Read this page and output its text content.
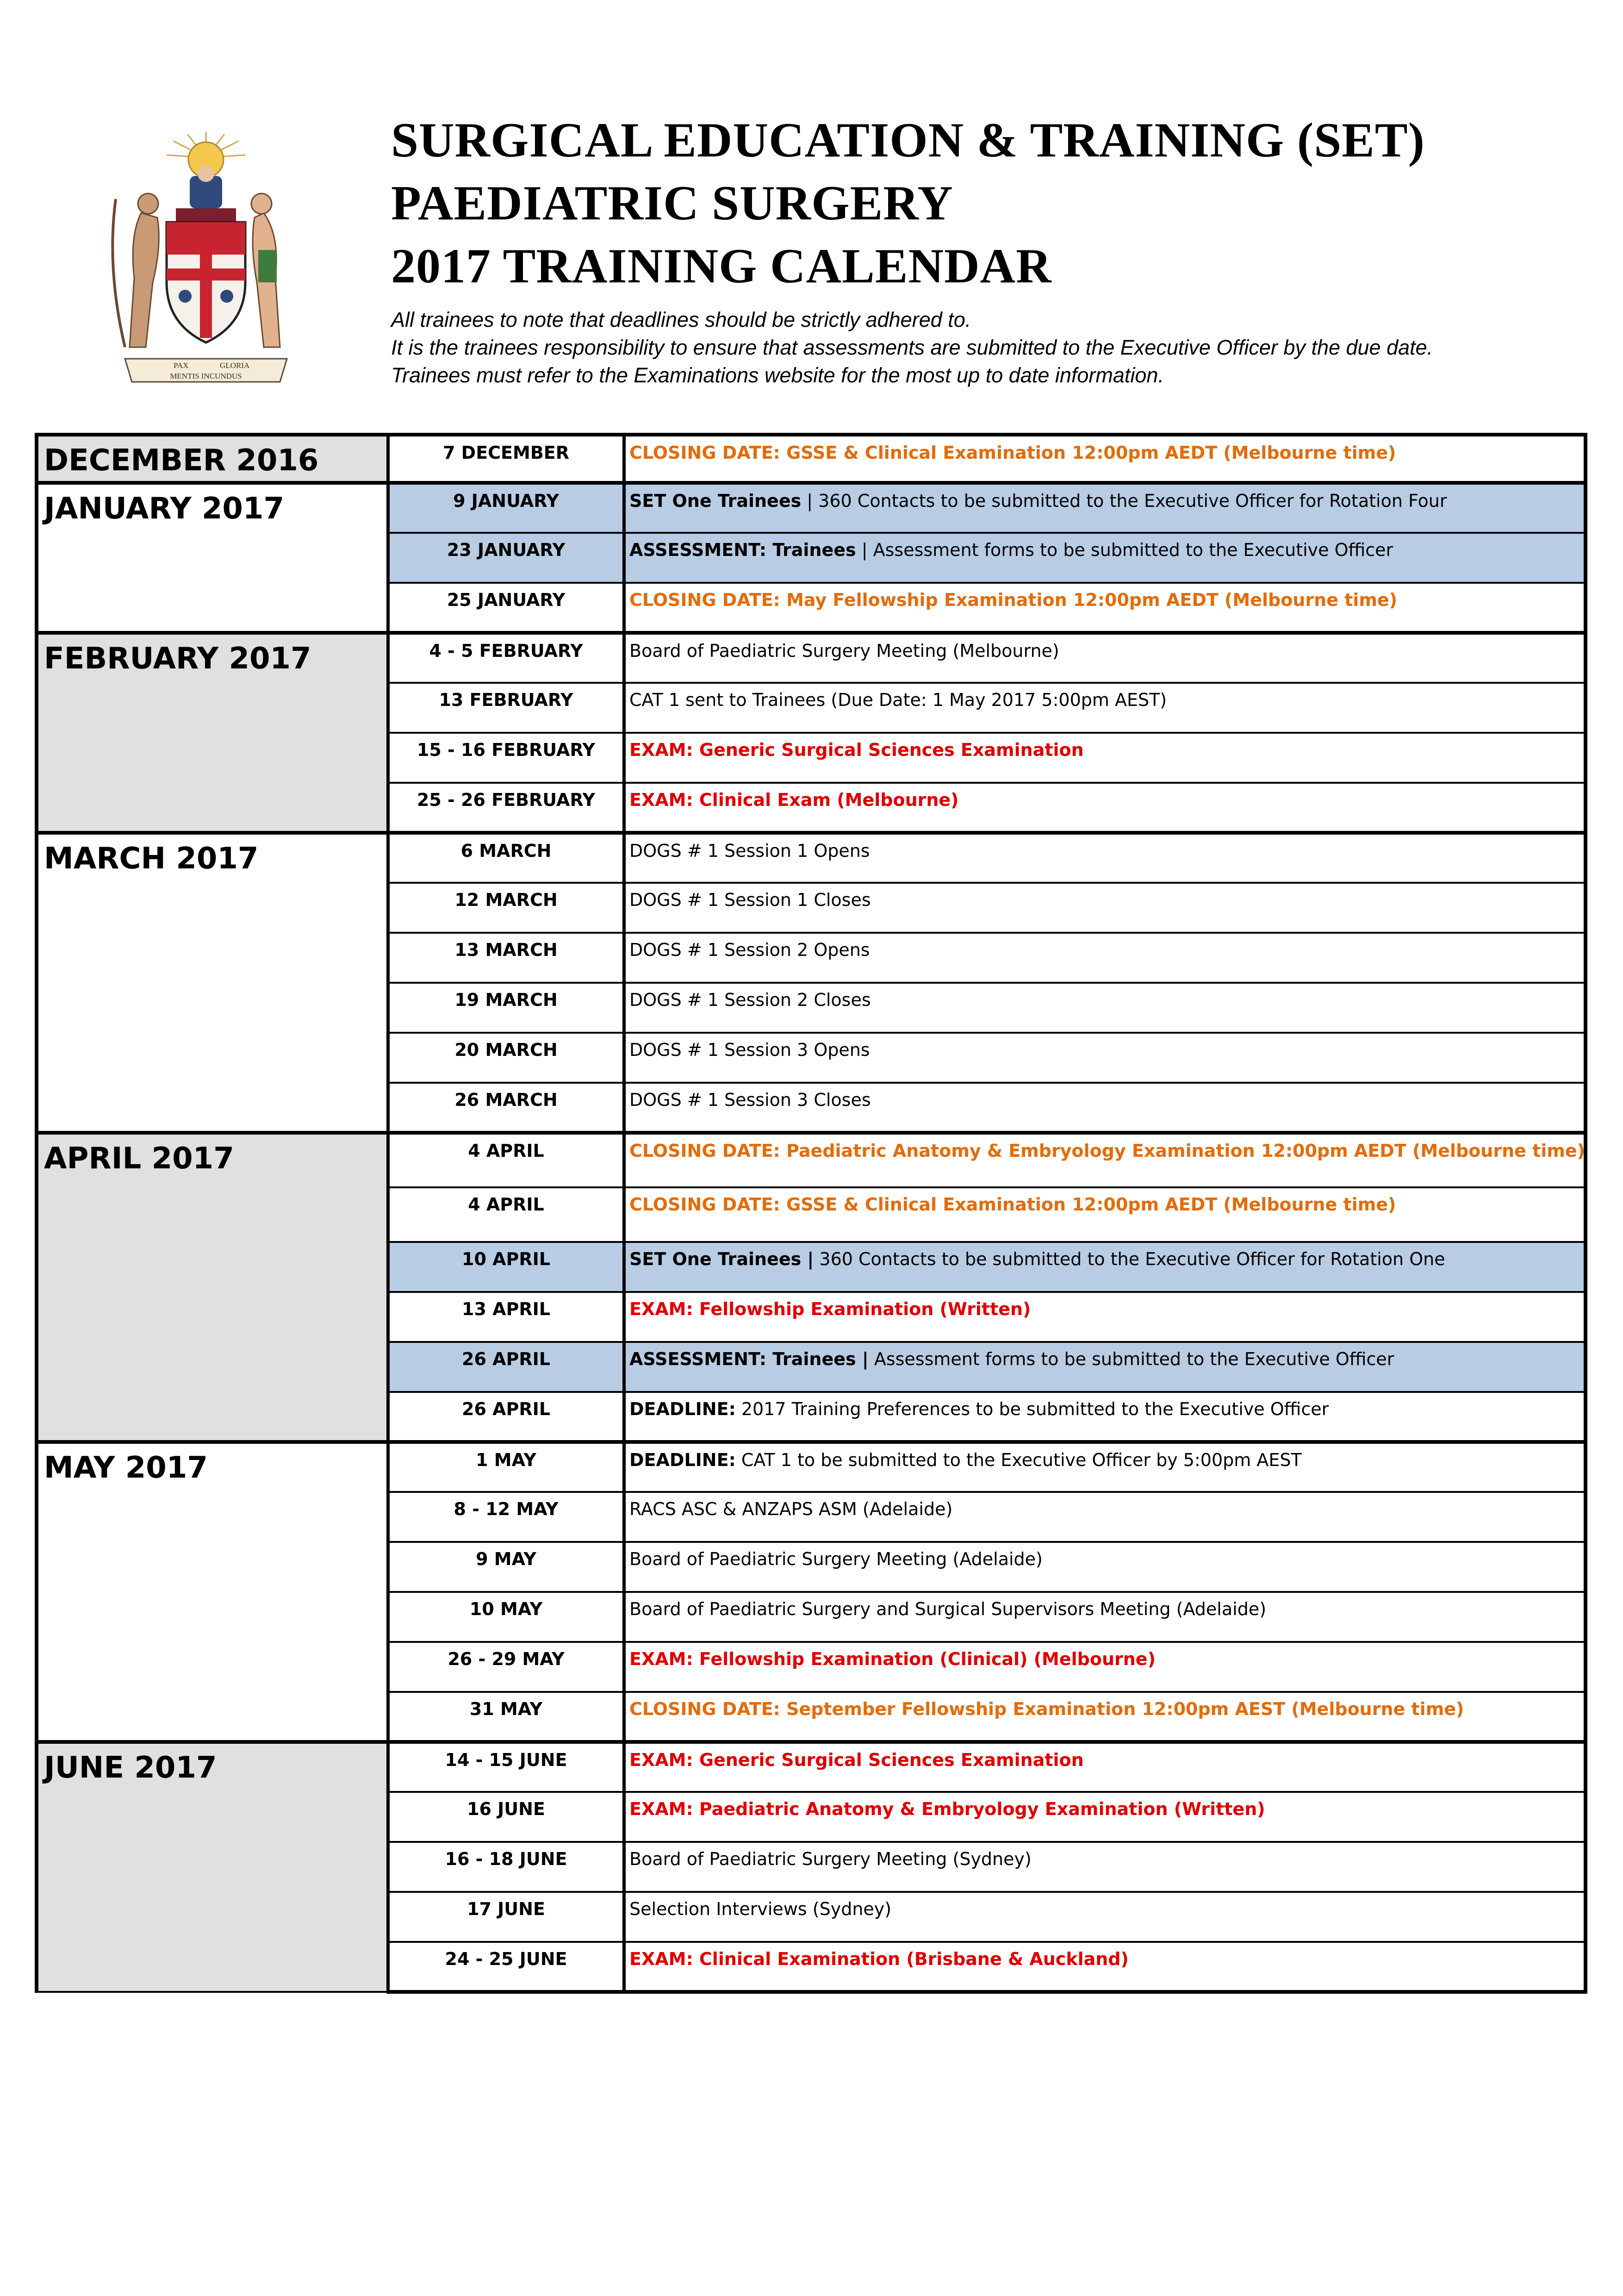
PAX	GLORIA
MENTIS INCUNDUS
SURGICAL EDUCATION & TRAINING (SET)
PAEDIATRIC SURGERY
2017 TRAINING CALENDAR
All trainees to note that deadlines should be strictly adhered to.
It is the trainees responsibility to ensure that assessments are submitted to the Executive Officer by the due date.
Trainees must refer to the Examinations website for the most up to date information.
DECEMBER 2016	7 DECEMBER	CLOSING DATE: GSSE & Clinical Examination 12:00pm AEDT (Melbourne time)

JANUARY 2017	9 JANUARY	SET One Trainees | 360 Contacts to be submitted to the Executive Officer for Rotation Four

	23 JANUARY	ASSESSMENT: Trainees | Assessment forms to be submitted to the Executive Officer

	25 JANUARY	CLOSING DATE: May Fellowship Examination 12:00pm AEDT (Melbourne time)

FEBRUARY 2017	4 - 5 FEBRUARY	Board of Paediatric Surgery Meeting (Melbourne)

	13 FEBRUARY	CAT 1 sent to Trainees (Due Date: 1 May 2017 5:00pm AEST)

	15 - 16 FEBRUARY	EXAM: Generic Surgical Sciences Examination

	25 - 26 FEBRUARY	EXAM: Clinical Exam (Melbourne)

MARCH 2017	6 MARCH	DOGS # 1 Session 1 Opens

	12 MARCH	DOGS # 1 Session 1 Closes

	13 MARCH	DOGS # 1 Session 2 Opens

	19 MARCH	DOGS # 1 Session 2 Closes

	20 MARCH	DOGS # 1 Session 3 Opens

	26 MARCH	DOGS # 1 Session 3 Closes

APRIL 2017	4 APRIL	CLOSING DATE: Paediatric Anatomy & Embryology Examination 12:00pm AEDT (Melbourne time)

	4 APRIL	CLOSING DATE: GSSE & Clinical Examination 12:00pm AEDT (Melbourne time)

	10 APRIL	SET One Trainees | 360 Contacts to be submitted to the Executive Officer for Rotation One

	13 APRIL	EXAM: Fellowship Examination (Written)

	26 APRIL	ASSESSMENT: Trainees | Assessment forms to be submitted to the Executive Officer

	26 APRIL	DEADLINE: 2017 Training Preferences to be submitted to the Executive Officer

MAY 2017	1 MAY	DEADLINE: CAT 1 to be submitted to the Executive Officer by 5:00pm AEST

	8 - 12 MAY	RACS ASC & ANZAPS ASM (Adelaide)

	9 MAY	Board of Paediatric Surgery Meeting (Adelaide)

	10 MAY	Board of Paediatric Surgery and Surgical Supervisors Meeting (Adelaide)

	26 - 29 MAY	EXAM: Fellowship Examination (Clinical) (Melbourne)

	31 MAY	CLOSING DATE: September Fellowship Examination 12:00pm AEST (Melbourne time)

JUNE 2017	14 - 15 JUNE	EXAM: Generic Surgical Sciences Examination

	16 JUNE	EXAM: Paediatric Anatomy & Embryology Examination (Written)

	16 - 18 JUNE	Board of Paediatric Surgery Meeting (Sydney)

	17 JUNE	Selection Interviews (Sydney)

	24 - 25 JUNE	EXAM: Clinical Examination (Brisbane & Auckland)
